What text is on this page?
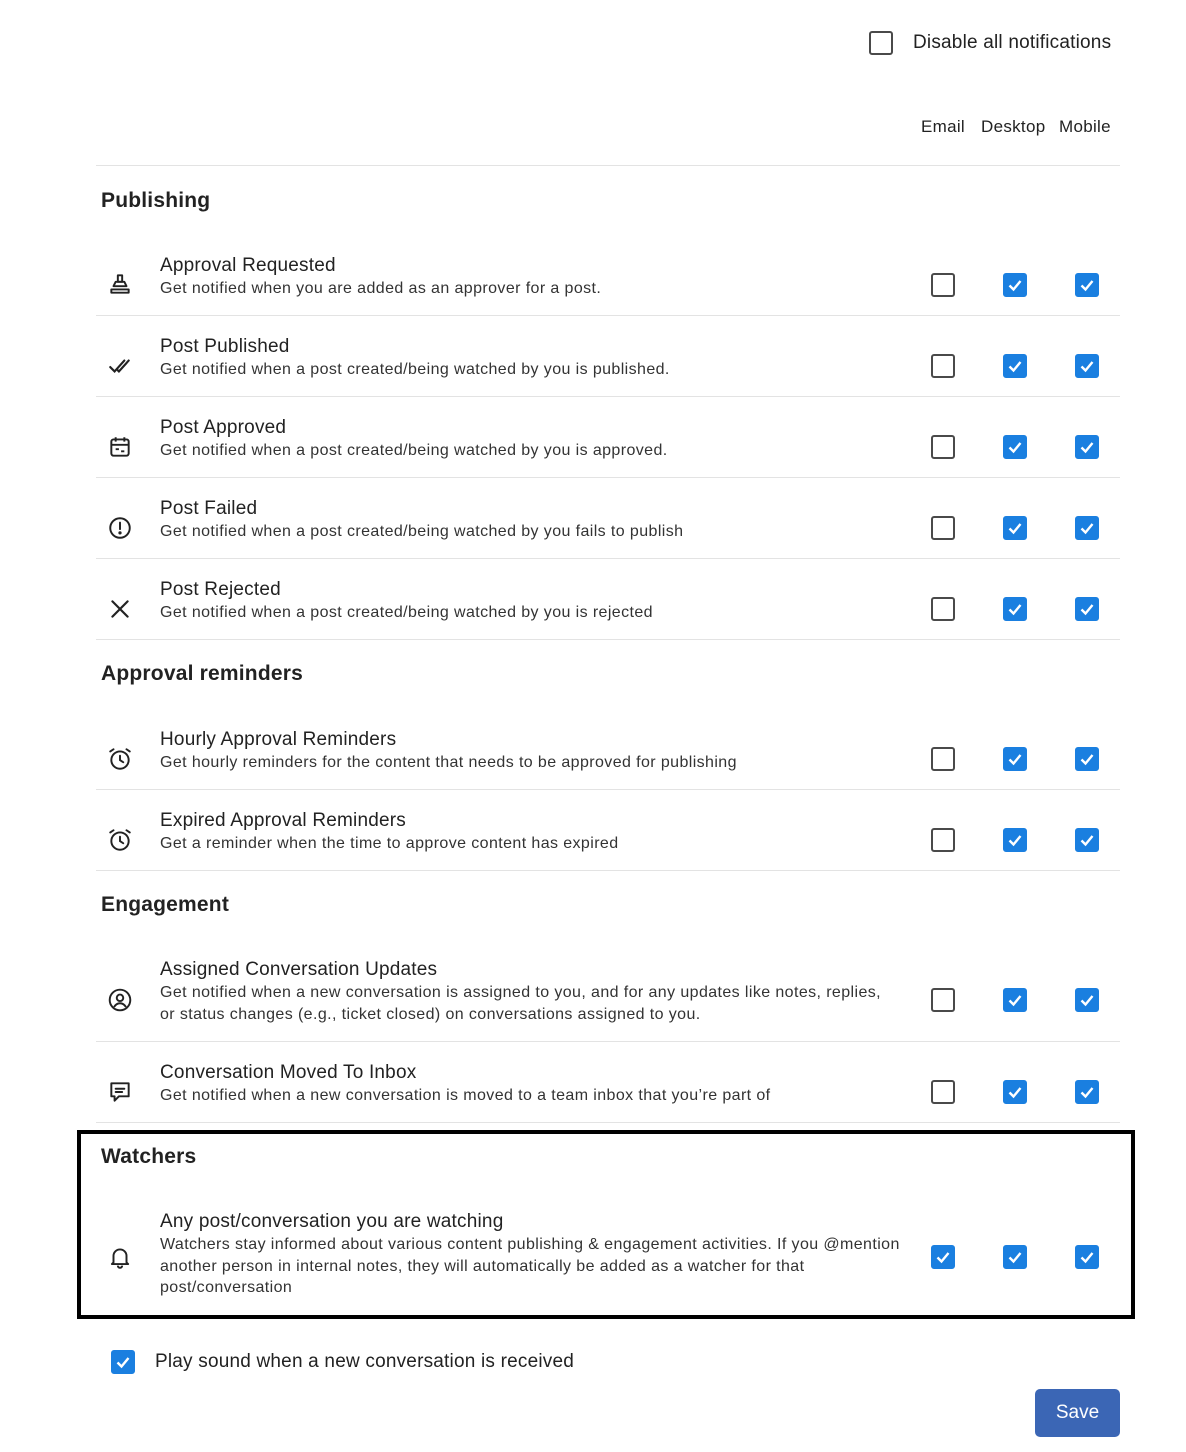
Disable all notifications
Email Desktop Mobile
Publishing
Approval reminders
Engagement
Watchers
Approval Requested
Get notified when you are added as an approver for a post.
Post Published
Get notified when a post created/being watched by you is published.
Post Approved
Get notified when a post created/being watched by you is approved.
Post Failed
Get notified when a post created/being watched by you fails to publish
Post Rejected
Get notified when a post created/being watched by you is rejected
Hourly Approval Reminders
Get hourly reminders for the content that needs to be approved for publishing
Expired Approval Reminders
Get a reminder when the time to approve content has expired
Assigned Conversation Updates
Get notified when a new conversation is assigned to you, and for any updates like notes, replies, or status changes (e.g., ticket closed) on conversations assigned to you.
Conversation Moved To Inbox
Get notified when a new conversation is moved to a team inbox that you’re part of
Any post/conversation you are watching
Watchers stay informed about various content publishing & engagement activities. If you @mention another person in internal notes, they will automatically be added as a watcher for that post/conversation
Play sound when a new conversation is received
Save
